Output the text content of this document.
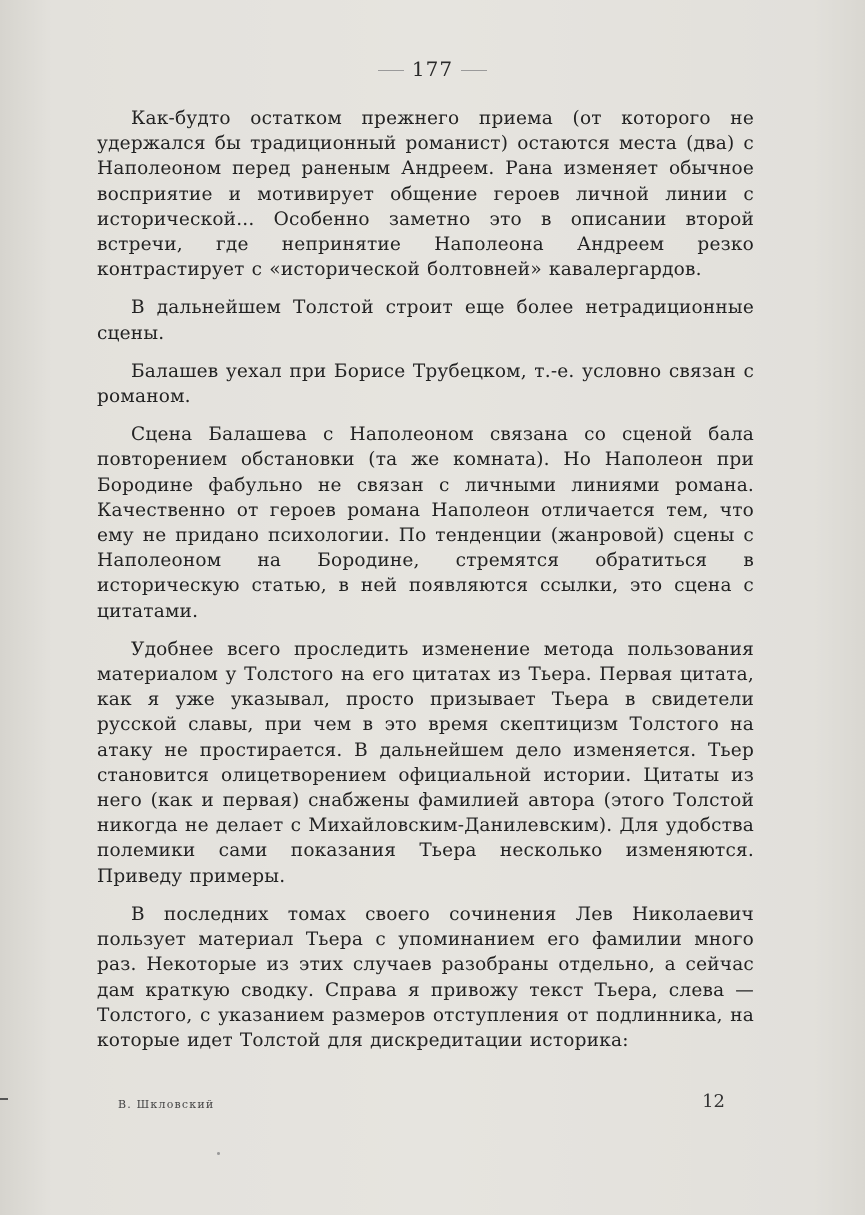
177

Как-будто остатком прежнего приема (от которого не удержался бы традиционный романист) остаются места (два) с Наполеоном перед раненым Андреем. Рана изменяет обычное восприятие и мотивирует общение героев личной линии с исторической... Особенно заметно это в описании второй встречи, где непринятие Наполеона Андреем резко контрастирует с «исторической болтовней» кавалергардов.

В дальнейшем Толстой строит еще более нетрадиционные сцены.

Балашев уехал при Борисе Трубецком, т.-е. условно связан с романом.

Сцена Балашева с Наполеоном связана со сценой бала повторением обстановки (та же комната). Но Наполеон при Бородине фабульно не связан с личными линиями романа. Качественно от героев романа Наполеон отличается тем, что ему не придано психологии. По тенденции (жанровой) сцены с Наполеоном на Бородине, стремятся обратиться в историческую статью, в ней появляются ссылки, это сцена с цитатами.

Удобнее всего проследить изменение метода пользования материалом у Толстого на его цитатах из Тьера. Первая цитата, как я уже указывал, просто призывает Тьера в свидетели русской славы, при чем в это время скептицизм Толстого на атаку не простирается. В дальнейшем дело изменяется. Тьер становится олицетворением официальной истории. Цитаты из него (как и первая) снабжены фамилией автора (этого Толстой никогда не делает с Михайловским-Данилевским). Для удобства полемики сами показания Тьера несколько изменяются. Приведу примеры.

В последних томах своего сочинения Лев Николаевич пользует материал Тьера с упоминанием его фамилии много раз. Некоторые из этих случаев разобраны отдельно, а сейчас дам краткую сводку. Справа я привожу текст Тьера, слева — Толстого, с указанием размеров отступления от подлинника, на которые идет Толстой для дискредитации историка:

В. Шкловский	12
